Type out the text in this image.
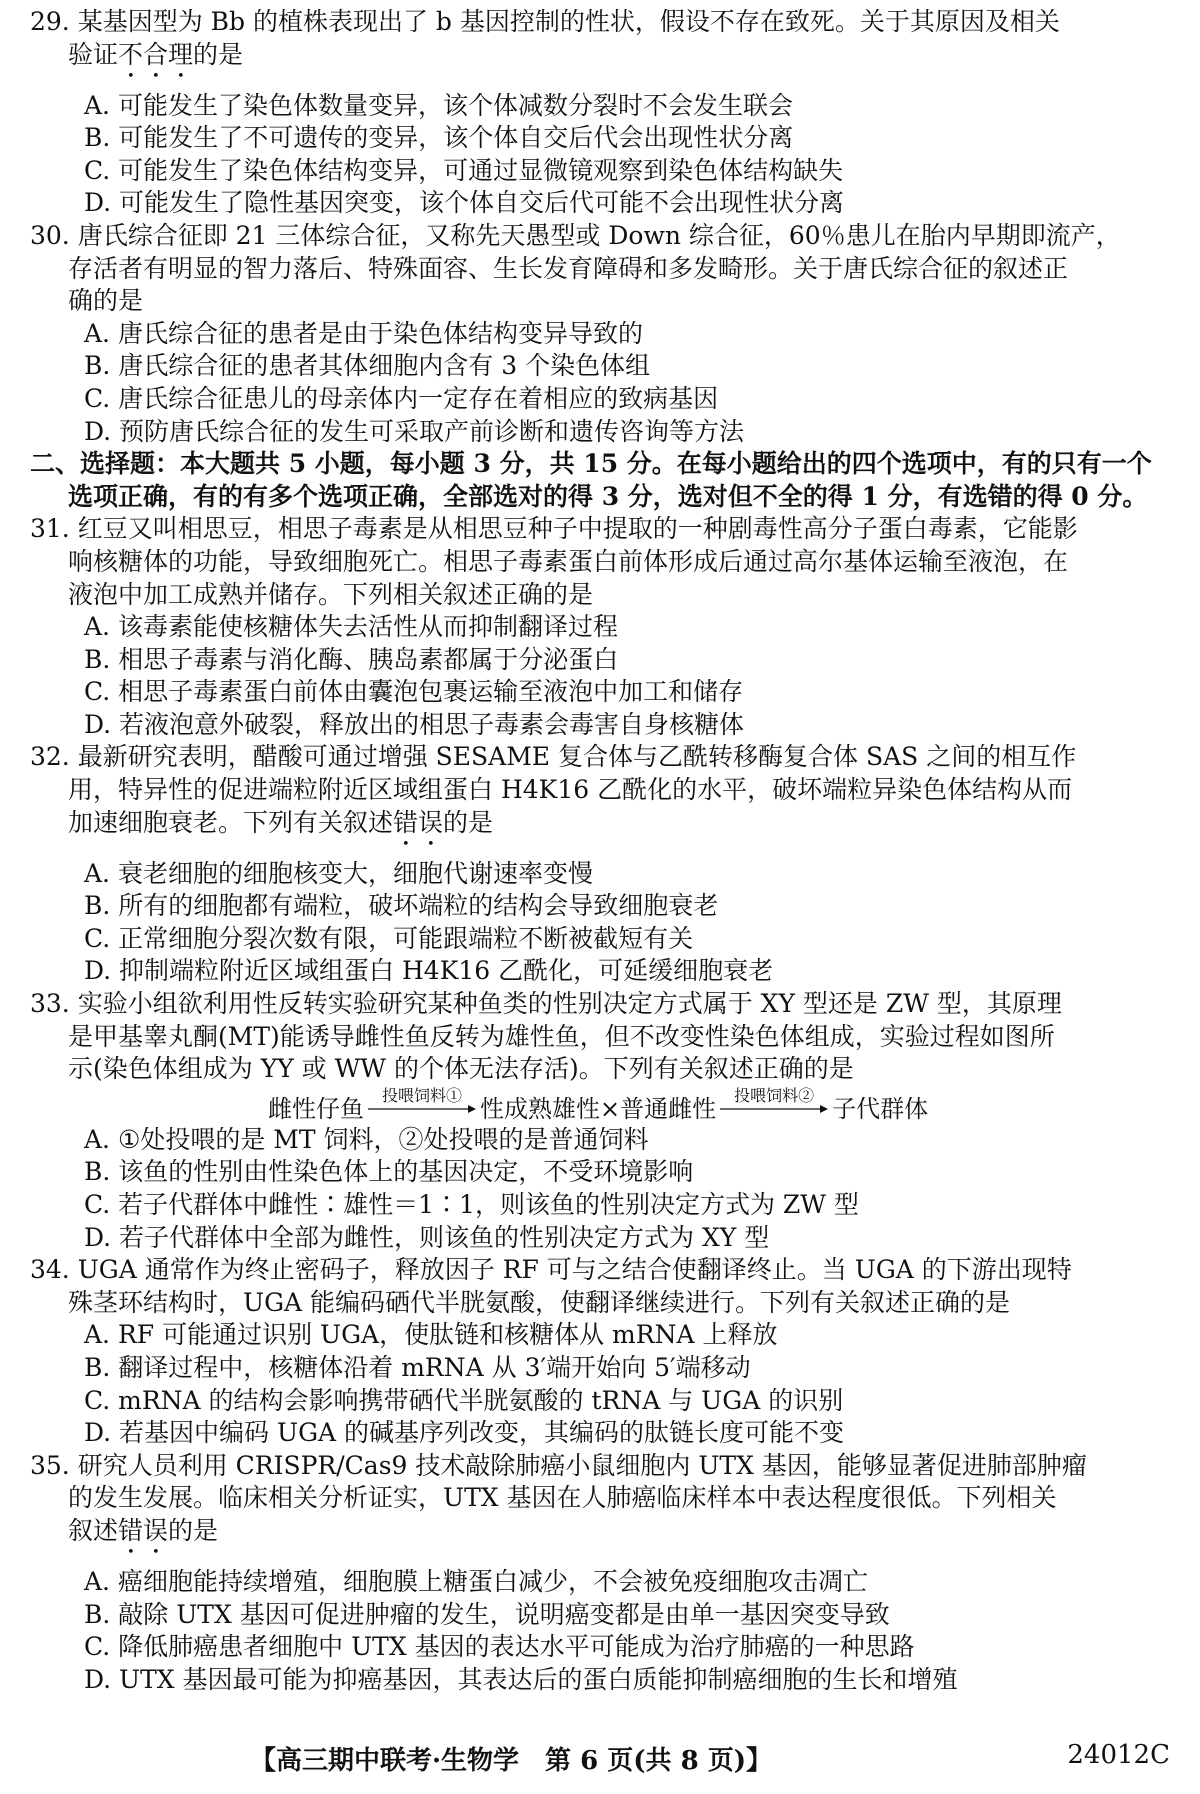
29. 某基因型为 Bb 的植株表现出了 b 基因控制的性状，假设不存在致死。关于其原因及相关
验证不合理的是
A. 可能发生了染色体数量变异，该个体减数分裂时不会发生联会
B. 可能发生了不可遗传的变异，该个体自交后代会出现性状分离
C. 可能发生了染色体结构变异，可通过显微镜观察到染色体结构缺失
D. 可能发生了隐性基因突变，该个体自交后代可能不会出现性状分离
30. 唐氏综合征即 21 三体综合征，又称先天愚型或 Down 综合征，60％患儿在胎内早期即流产，
存活者有明显的智力落后、特殊面容、生长发育障碍和多发畸形。关于唐氏综合征的叙述正
确的是
A. 唐氏综合征的患者是由于染色体结构变异导致的
B. 唐氏综合征的患者其体细胞内含有 3 个染色体组
C. 唐氏综合征患儿的母亲体内一定存在着相应的致病基因
D. 预防唐氏综合征的发生可采取产前诊断和遗传咨询等方法
二、选择题：本大题共 5 小题，每小题 3 分，共 15 分。在每小题给出的四个选项中，有的只有一个
选项正确，有的有多个选项正确，全部选对的得 3 分，选对但不全的得 1 分，有选错的得 0 分。
31. 红豆又叫相思豆，相思子毒素是从相思豆种子中提取的一种剧毒性高分子蛋白毒素，它能影
响核糖体的功能，导致细胞死亡。相思子毒素蛋白前体形成后通过高尔基体运输至液泡，在
液泡中加工成熟并储存。下列相关叙述正确的是
A. 该毒素能使核糖体失去活性从而抑制翻译过程
B. 相思子毒素与消化酶、胰岛素都属于分泌蛋白
C. 相思子毒素蛋白前体由囊泡包裹运输至液泡中加工和储存
D. 若液泡意外破裂，释放出的相思子毒素会毒害自身核糖体
32. 最新研究表明，醋酸可通过增强 SESAME 复合体与乙酰转移酶复合体 SAS 之间的相互作
用，特异性的促进端粒附近区域组蛋白 H4K16 乙酰化的水平，破坏端粒异染色体结构从而
加速细胞衰老。下列有关叙述错误的是
A. 衰老细胞的细胞核变大，细胞代谢速率变慢
B. 所有的细胞都有端粒，破坏端粒的结构会导致细胞衰老
C. 正常细胞分裂次数有限，可能跟端粒不断被截短有关
D. 抑制端粒附近区域组蛋白 H4K16 乙酰化，可延缓细胞衰老
33. 实验小组欲利用性反转实验研究某种鱼类的性别决定方式属于 XY 型还是 ZW 型，其原理
是甲基睾丸酮(MT)能诱导雌性鱼反转为雄性鱼，但不改变性染色体组成，实验过程如图所
示(染色体组成为 YY 或 WW 的个体无法存活)。下列有关叙述正确的是
雌性仔鱼 投喂饲料① 性成熟雄性×普通雌性 投喂饲料② 子代群体
A. ①处投喂的是 MT 饲料，②处投喂的是普通饲料
B. 该鱼的性别由性染色体上的基因决定，不受环境影响
C. 若子代群体中雌性∶雄性＝1∶1，则该鱼的性别决定方式为 ZW 型
D. 若子代群体中全部为雌性，则该鱼的性别决定方式为 XY 型
34. UGA 通常作为终止密码子，释放因子 RF 可与之结合使翻译终止。当 UGA 的下游出现特
殊茎环结构时，UGA 能编码硒代半胱氨酸，使翻译继续进行。下列有关叙述正确的是
A. RF 可能通过识别 UGA，使肽链和核糖体从 mRNA 上释放
B. 翻译过程中，核糖体沿着 mRNA 从 3′端开始向 5′端移动
C. mRNA 的结构会影响携带硒代半胱氨酸的 tRNA 与 UGA 的识别
D. 若基因中编码 UGA 的碱基序列改变，其编码的肽链长度可能不变
35. 研究人员利用 CRISPR/Cas9 技术敲除肺癌小鼠细胞内 UTX 基因，能够显著促进肺部肿瘤
的发生发展。临床相关分析证实，UTX 基因在人肺癌临床样本中表达程度很低。下列相关
叙述错误的是
A. 癌细胞能持续增殖，细胞膜上糖蛋白减少，不会被免疫细胞攻击凋亡
B. 敲除 UTX 基因可促进肿瘤的发生，说明癌变都是由单一基因突变导致
C. 降低肺癌患者细胞中 UTX 基因的表达水平可能成为治疗肺癌的一种思路
D. UTX 基因最可能为抑癌基因，其表达后的蛋白质能抑制癌细胞的生长和增殖
【高三期中联考·生物学　第 6 页(共 8 页)】	24012C
